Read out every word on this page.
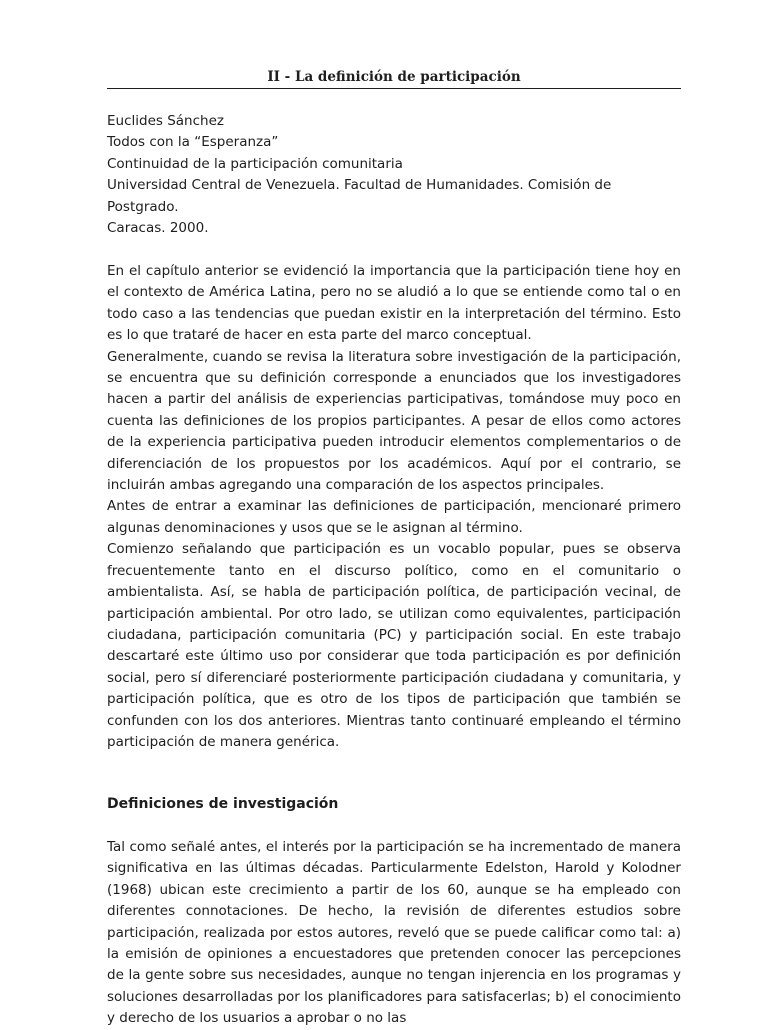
II - La definición de participación
Euclides Sánchez
Todos con la “Esperanza”
Continuidad de la participación comunitaria
Universidad Central de Venezuela. Facultad de Humanidades. Comisión de Postgrado.
Caracas. 2000.

En el capítulo anterior se evidenció la importancia que la participación tiene hoy en el contexto de América Latina, pero no se aludió a lo que se entiende como tal o en todo caso a las tendencias que puedan existir en la interpretación del término. Esto es lo que trataré de hacer en esta parte del marco conceptual.

Generalmente, cuando se revisa la literatura sobre investigación de la participación, se encuentra que su definición corresponde a enunciados que los investigadores hacen a partir del análisis de experiencias participativas, tomándose muy poco en cuenta las definiciones de los propios participantes. A pesar de ellos como actores de la experiencia participativa pueden introducir elementos complementarios o de diferenciación de los propuestos por los académicos. Aquí por el contrario, se incluirán ambas agregando una comparación de los aspectos principales.

Antes de entrar a examinar las definiciones de participación, mencionaré primero algunas denominaciones y usos que se le asignan al término.

Comienzo señalando que participación es un vocablo popular, pues se observa frecuentemente tanto en el discurso político, como en el comunitario o ambientalista. Así, se habla de participación política, de participación vecinal, de participación ambiental. Por otro lado, se utilizan como equivalentes, participación ciudadana, participación comunitaria (PC) y participación social. En este trabajo descartaré este último uso por considerar que toda participación es por definición social, pero sí diferenciaré posteriormente participación ciudadana y comunitaria, y participación política, que es otro de los tipos de participación que también se confunden con los dos anteriores. Mientras tanto continuaré empleando el término participación de manera genérica.

Definiciones de investigación

Tal como señalé antes, el interés por la participación se ha incrementado de manera significativa en las últimas décadas. Particularmente Edelston, Harold y Kolodner (1968) ubican este crecimiento a partir de los 60, aunque se ha empleado con diferentes connotaciones. De hecho, la revisión de diferentes estudios sobre participación, realizada por estos autores, reveló que se puede calificar como tal: a) la emisión de opiniones a encuestadores que pretenden conocer las percepciones de la gente sobre sus necesidades, aunque no tengan injerencia en los programas y soluciones desarrolladas por los planificadores para satisfacerlas; b) el conocimiento y derecho de los usuarios a aprobar o no las
